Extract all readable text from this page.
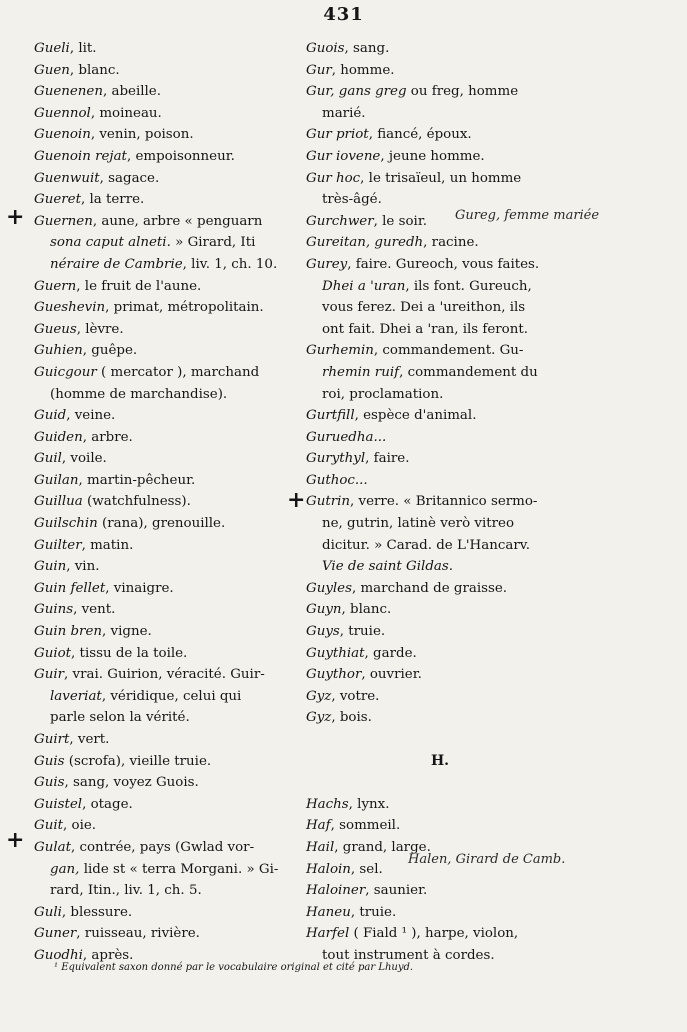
431
Gueli, lit.
Guen, blanc.
Guenenen, abeille.
Guennol, moineau.
Guenoin, venin, poison.
Guenoin rejat, empoisonneur.
Guenwuit, sagace.
Gueret, la terre.
Guernen, aune, arbre « penguarn
sona caput alneti. » Girard, Iti
néraire de Cambrie, liv. 1, ch. 10.
Guern, le fruit de l'aune.
Gueshevin, primat, métropolitain.
Gueus, lèvre.
Guhien, guêpe.
Guicgour ( mercator ), marchand
(homme de marchandise).
Guid, veine.
Guiden, arbre.
Guil, voile.
Guilan, martin-pêcheur.
Guillua (watchfulness).
Guilschin (rana), grenouille.
Guilter, matin.
Guin, vin.
Guin fellet, vinaigre.
Guins, vent.
Guin bren, vigne.
Guiot, tissu de la toile.
Guir, vrai. Guirion, véracité. Guir-
laveriat, véridique, celui qui
parle selon la vérité.
Guirt, vert.
Guis (scrofa), vieille truie.
Guis, sang, voyez Guois.
Guistel, otage.
Guit, oie.
Gulat, contrée, pays (Gwlad vor-
gan, lide st « terra Morgani. » Gi-
rard, Itin., liv. 1, ch. 5.
Guli, blessure.
Guner, ruisseau, rivière.
Guodhi, après.
Guois, sang.
Gur, homme.
Gur, gans greg ou freg, homme
marié.
Gur priot, fiancé, époux.
Gur iovene, jeune homme.
Gur hoc, le trisaïeul, un homme
très-âgé.
Gurchwer, le soir.
Gureitan, guredh, racine.
Gurey, faire. Gureoch, vous faites.
Dhei a 'uran, ils font. Gureuch,
vous ferez. Dei a 'ureithon, ils
ont fait. Dhei a 'ran, ils feront.
Gurhemin, commandement. Gu-
rhemin ruif, commandement du
roi, proclamation.
Gurtfill, espèce d'animal.
Guruedha...
Gurythyl, faire.
Guthoc...
Gutrin, verre. « Britannico sermo-
ne, gutrin, latinè verò vitreo
dicitur. » Carad. de L'Hancarv.
Vie de saint Gildas.
Guyles, marchand de graisse.
Guyn, blanc.
Guys, truie.
Guythiat, garde.
Guythor, ouvrier.
Gyz, votre.
Gyz, bois.
H.
Hachs, lynx.
Haf, sommeil.
Hail, grand, large.
Haloin, sel.
Haloiner, saunier.
Haneu, truie.
Harfel ( Fiald ¹ ), harpe, violon,
tout instrument à cordes.
+
+
+
Gureg, femme mariée
Halen, Girard de Camb.
¹ Equivalent saxon donné par le vocabulaire original et cité par Lhuyd.
